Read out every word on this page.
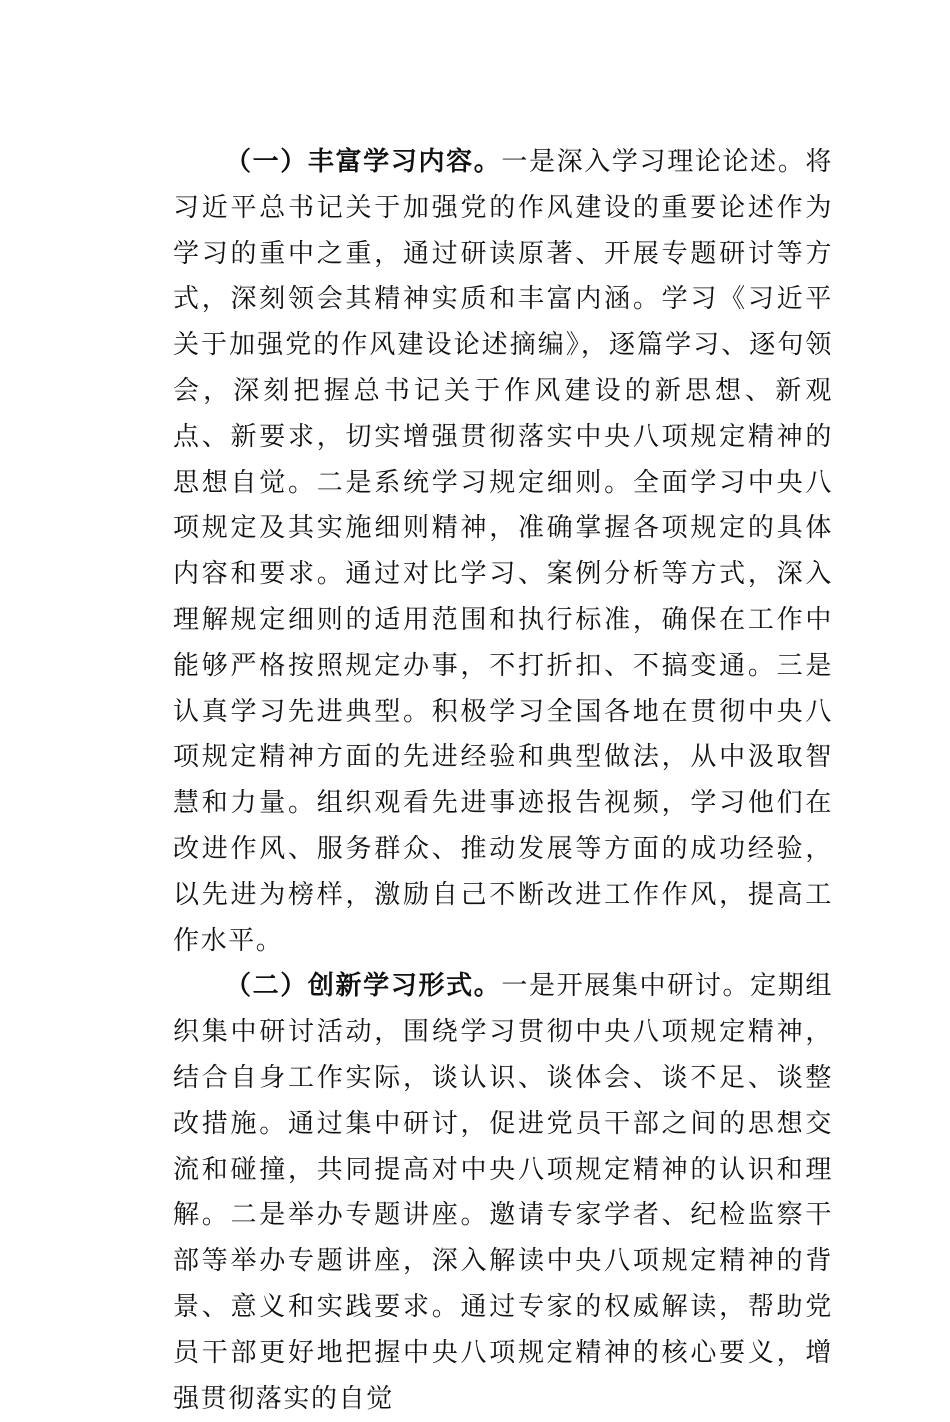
（一）丰富学习内容。一是深入学习理论论述。将习近平总书记关于加强党的作风建设的重要论述作为学习的重中之重，通过研读原著、开展专题研讨等方式，深刻领会其精神实质和丰富内涵。学习《习近平关于加强党的作风建设论述摘编》，逐篇学习、逐句领会，深刻把握总书记关于作风建设的新思想、新观点、新要求，切实增强贯彻落实中央八项规定精神的思想自觉。二是系统学习规定细则。全面学习中央八项规定及其实施细则精神，准确掌握各项规定的具体内容和要求。通过对比学习、案例分析等方式，深入理解规定细则的适用范围和执行标准，确保在工作中能够严格按照规定办事，不打折扣、不搞变通。三是认真学习先进典型。积极学习全国各地在贯彻中央八项规定精神方面的先进经验和典型做法，从中汲取智慧和力量。组织观看先进事迹报告视频，学习他们在改进作风、服务群众、推动发展等方面的成功经验，以先进为榜样，激励自己不断改进工作作风，提高工作水平。

（二）创新学习形式。一是开展集中研讨。定期组织集中研讨活动，围绕学习贯彻中央八项规定精神，结合自身工作实际，谈认识、谈体会、谈不足、谈整改措施。通过集中研讨，促进党员干部之间的思想交流和碰撞，共同提高对中央八项规定精神的认识和理解。二是举办专题讲座。邀请专家学者、纪检监察干部等举办专题讲座，深入解读中央八项规定精神的背景、意义和实践要求。通过专家的权威解读，帮助党员干部更好地把握中央八项规定精神的核心要义，增强贯彻落实的自觉
